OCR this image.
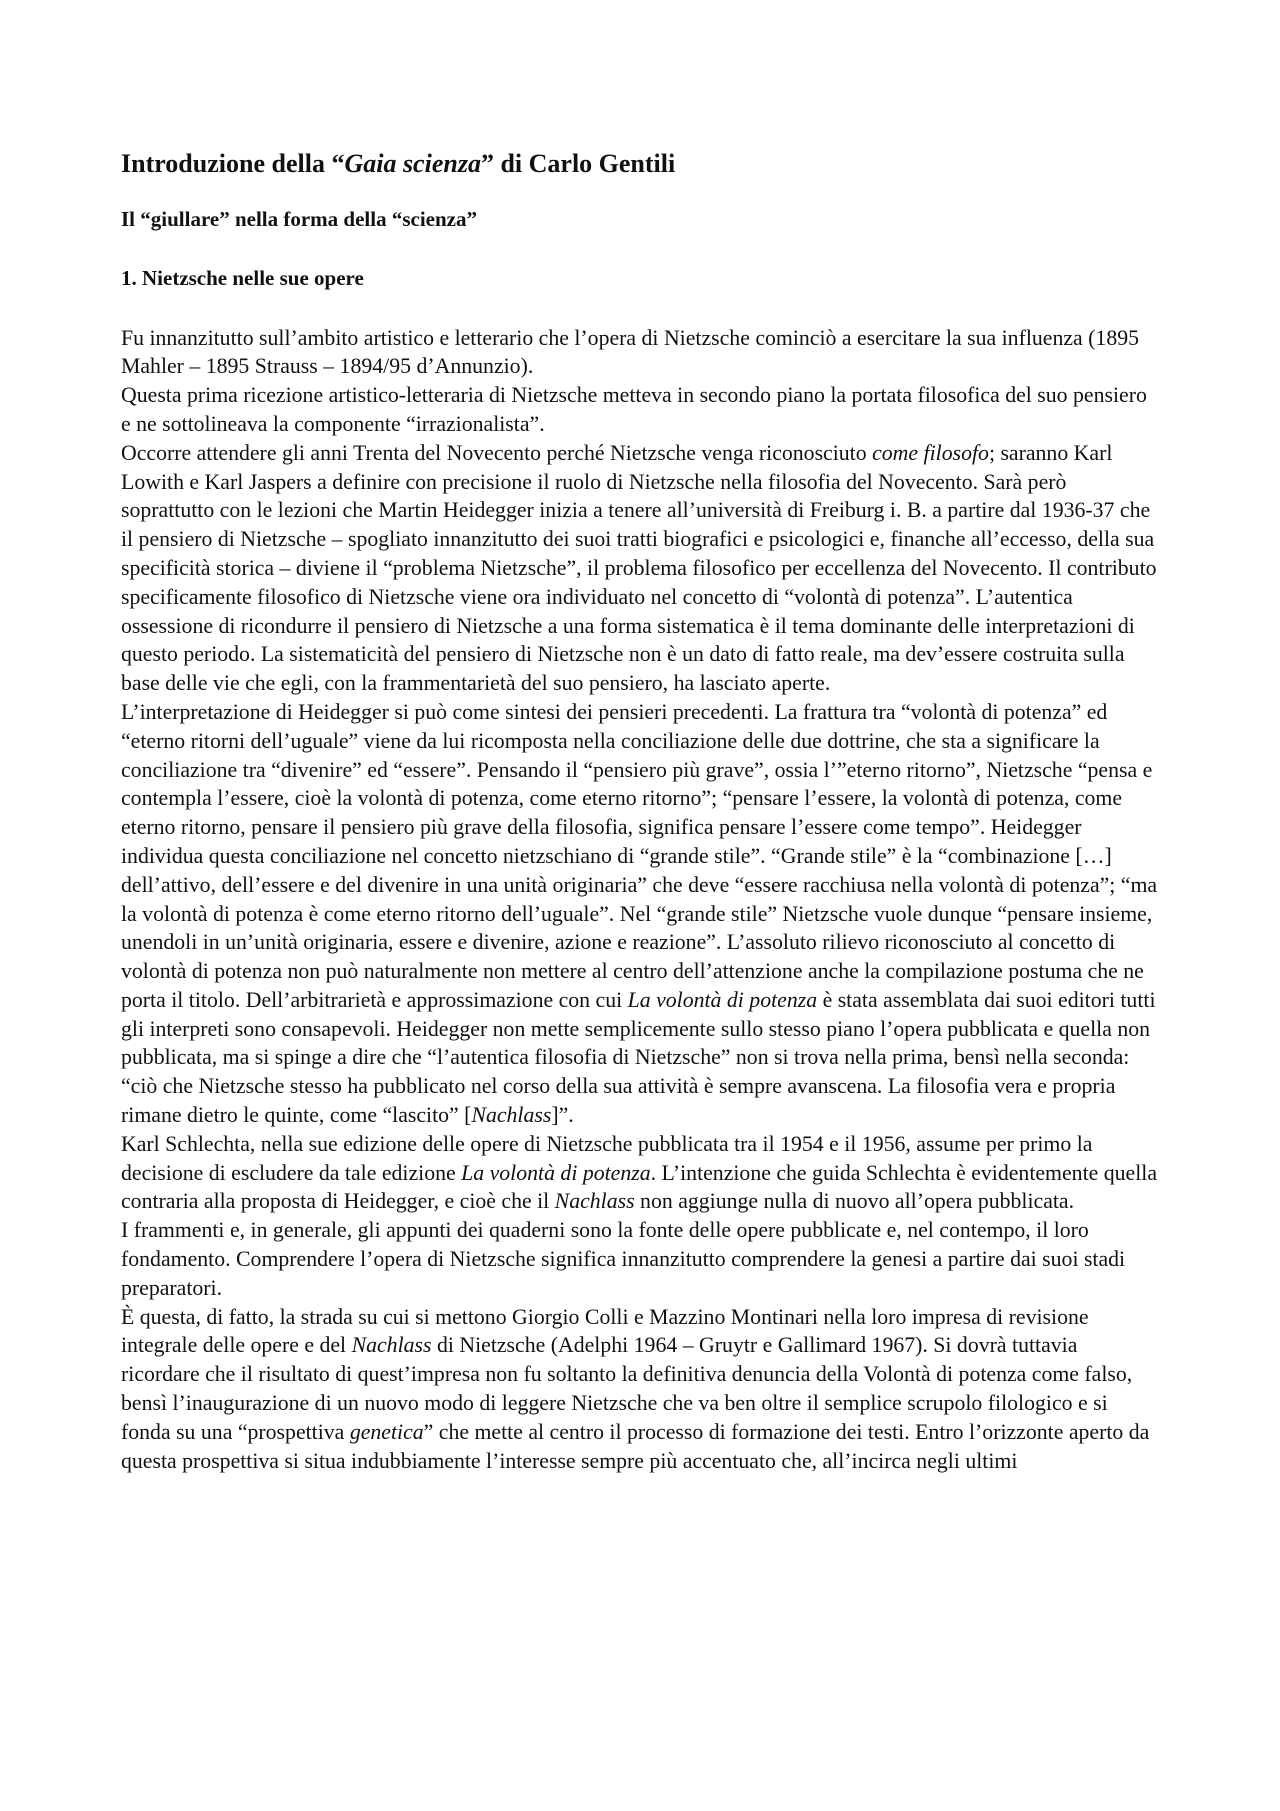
Introduzione della “Gaia scienza” di Carlo Gentili
Il “giullare” nella forma della “scienza”
1. Nietzsche nelle sue opere

Fu innanzitutto sull’ambito artistico e letterario che l’opera di Nietzsche cominciò a esercitare la sua influenza (1895 Mahler – 1895 Strauss – 1894/95 d’Annunzio).

Questa prima ricezione artistico-letteraria di Nietzsche metteva in secondo piano la portata filosofica del suo pensiero e ne sottolineava la componente “irrazionalista”.

Occorre attendere gli anni Trenta del Novecento perché Nietzsche venga riconosciuto come filosofo; saranno Karl Lowith e Karl Jaspers a definire con precisione il ruolo di Nietzsche nella filosofia del Novecento. Sarà però soprattutto con le lezioni che Martin Heidegger inizia a tenere all’università di Freiburg i. B. a partire dal 1936-37 che il pensiero di Nietzsche – spogliato innanzitutto dei suoi tratti biografici e psicologici e, finanche all’eccesso, della sua specificità storica – diviene il “problema Nietzsche”, il problema filosofico per eccellenza del Novecento. Il contributo specificamente filosofico di Nietzsche viene ora individuato nel concetto di “volontà di potenza”. L’autentica ossessione di ricondurre il pensiero di Nietzsche a una forma sistematica è il tema dominante delle interpretazioni di questo periodo. La sistematicità del pensiero di Nietzsche non è un dato di fatto reale, ma dev’essere costruita sulla base delle vie che egli, con la frammentarietà del suo pensiero, ha lasciato aperte.

L’interpretazione di Heidegger si può come sintesi dei pensieri precedenti. La frattura tra “volontà di potenza” ed “eterno ritorni dell’uguale” viene da lui ricomposta nella conciliazione delle due dottrine, che sta a significare la conciliazione tra “divenire” ed “essere”. Pensando il “pensiero più grave”, ossia l’”eterno ritorno”, Nietzsche “pensa e contempla l’essere, cioè la volontà di potenza, come eterno ritorno”; “pensare l’essere, la volontà di potenza, come eterno ritorno, pensare il pensiero più grave della filosofia, significa pensare l’essere come tempo”. Heidegger individua questa conciliazione nel concetto nietzschiano di “grande stile”. “Grande stile” è la “combinazione […] dell’attivo, dell’essere e del divenire in una unità originaria” che deve “essere racchiusa nella volontà di potenza”; “ma la volontà di potenza è come eterno ritorno dell’uguale”. Nel “grande stile” Nietzsche vuole dunque “pensare insieme, unendoli in un’unità originaria, essere e divenire, azione e reazione”. L’assoluto rilievo riconosciuto al concetto di volontà di potenza non può naturalmente non mettere al centro dell’attenzione anche la compilazione postuma che ne porta il titolo. Dell’arbitrarietà e approssimazione con cui La volontà di potenza è stata assemblata dai suoi editori tutti gli interpreti sono consapevoli. Heidegger non mette semplicemente sullo stesso piano l’opera pubblicata e quella non pubblicata, ma si spinge a dire che “l’autentica filosofia di Nietzsche” non si trova nella prima, bensì nella seconda: “ciò che Nietzsche stesso ha pubblicato nel corso della sua attività è sempre avanscena. La filosofia vera e propria rimane dietro le quinte, come “lascito” [Nachlass]”.

Karl Schlechta, nella sue edizione delle opere di Nietzsche pubblicata tra il 1954 e il 1956, assume per primo la decisione di escludere da tale edizione La volontà di potenza. L’intenzione che guida Schlechta è evidentemente quella contraria alla proposta di Heidegger, e cioè che il Nachlass non aggiunge nulla di nuovo all’opera pubblicata.

I frammenti e, in generale, gli appunti dei quaderni sono la fonte delle opere pubblicate e, nel contempo, il loro fondamento. Comprendere l’opera di Nietzsche significa innanzitutto comprendere la genesi a partire dai suoi stadi preparatori.

È questa, di fatto, la strada su cui si mettono Giorgio Colli e Mazzino Montinari nella loro impresa di revisione integrale delle opere e del Nachlass di Nietzsche (Adelphi 1964 – Gruytr e Gallimard 1967). Si dovrà tuttavia ricordare che il risultato di quest’impresa non fu soltanto la definitiva denuncia della Volontà di potenza come falso, bensì l’inaugurazione di un nuovo modo di leggere Nietzsche che va ben oltre il semplice scrupolo filologico e si fonda su una “prospettiva genetica” che mette al centro il processo di formazione dei testi. Entro l’orizzonte aperto da questa prospettiva si situa indubbiamente l’interesse sempre più accentuato che, all’incirca negli ultimi
